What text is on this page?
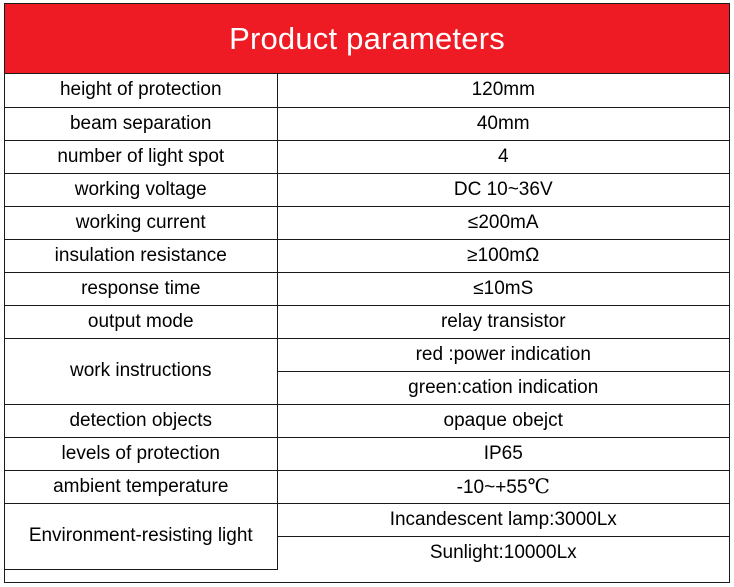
Product parameters
height of protection	120mm
beam separation	40mm
number of light spot	4
working voltage	DC 10~36V
working current	≤200mA
insulation resistance	≥100mΩ
response time	≤10mS
output mode	relay transistor
work instructions	red :power indication
	green:cation indication
detection objects	opaque obejct
levels of protection	IP65
ambient temperature	-10~+55℃
Environment-resisting light	Incandescent lamp:3000Lx
	Sunlight:10000Lx
